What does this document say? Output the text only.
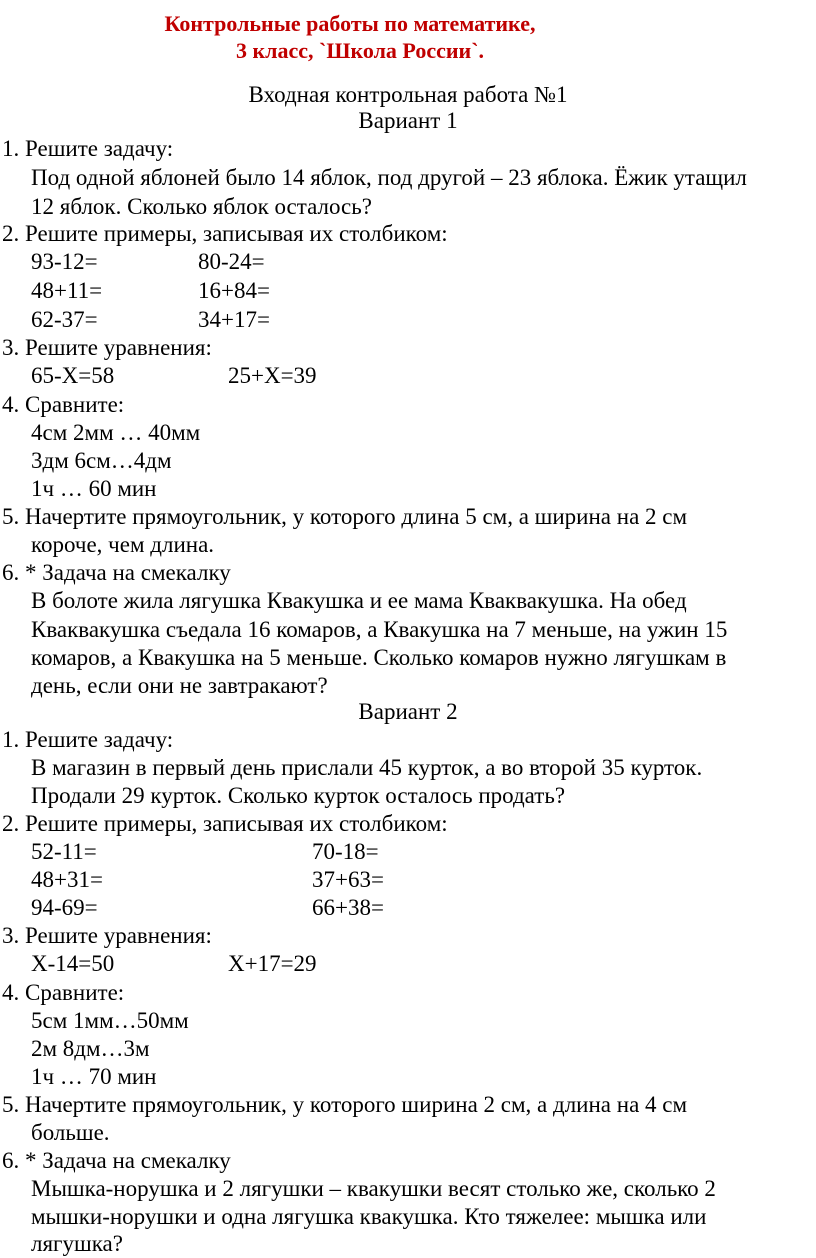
Контрольные работы по математике,
3 класс, `Школа России`.
Входная контрольная работа №1
Вариант 1
1. Решите задачу:
Под одной яблоней было 14 яблок, под другой – 23 яблока. Ёжик утащил
12 яблок. Сколько яблок осталось?
2. Решите примеры, записывая их столбиком:
93-12=	80-24=
48+11=	16+84=
62-37=	34+17=
3. Решите уравнения:
65-X=58	25+X=39
4. Сравните:
4см 2мм … 40мм
3дм 6см…4дм
1ч … 60 мин
5. Начертите прямоугольник, у которого длина 5 см, а ширина на 2 см
короче, чем длина.
6. * Задача на смекалку
В болоте жила лягушка Квакушка и ее мама Кваквакушка. На обед
Кваквакушка съедала 16 комаров, а Квакушка на 7 меньше, на ужин 15
комаров, а Квакушка на 5 меньше. Сколько комаров нужно лягушкам в
день, если они не завтракают?
Вариант 2
1. Решите задачу:
В магазин в первый день прислали 45 курток, а во второй 35 курток.
Продали 29 курток. Сколько курток осталось продать?
2. Решите примеры, записывая их столбиком:
52-11=	70-18=
48+31=	37+63=
94-69=	66+38=
3. Решите уравнения:
X-14=50	X+17=29
4. Сравните:
5см 1мм…50мм
2м 8дм…3м
1ч … 70 мин
5. Начертите прямоугольник, у которого ширина 2 см, а длина на 4 см
больше.
6. * Задача на смекалку
Мышка-норушка и 2 лягушки – квакушки весят столько же, сколько 2
мышки-норушки и одна лягушка квакушка. Кто тяжелее: мышка или
лягушка?
